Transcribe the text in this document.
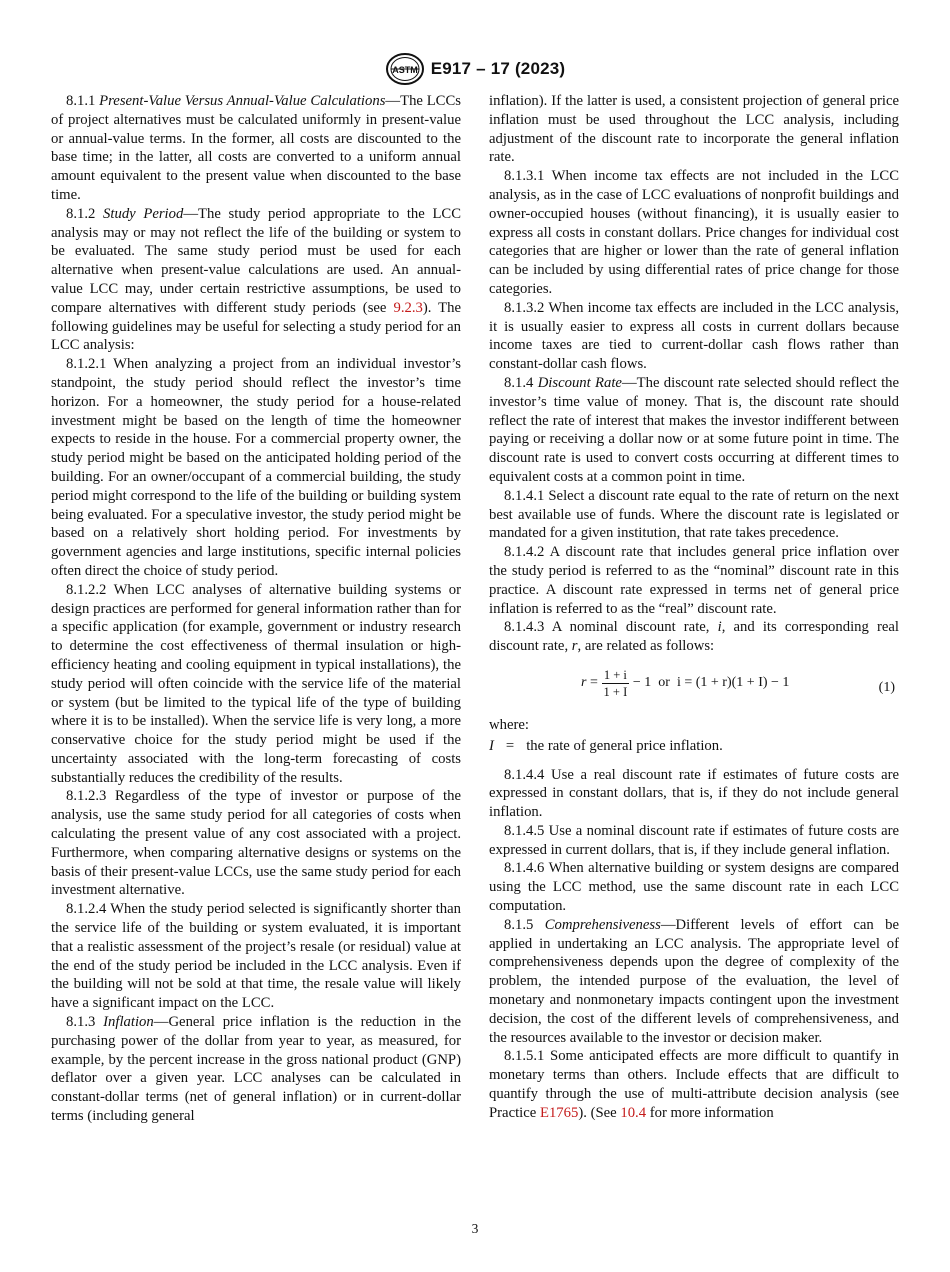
ASTM E917 – 17 (2023)

8.1.1 Present-Value Versus Annual-Value Calculations—The LCCs of project alternatives must be calculated uniformly in present-value or annual-value terms. In the former, all costs are discounted to the base time; in the latter, all costs are converted to a uniform annual amount equivalent to the present value when discounted to the base time.

8.1.2 Study Period—The study period appropriate to the LCC analysis may or may not reflect the life of the building or system to be evaluated. The same study period must be used for each alternative when present-value calculations are used. An annual-value LCC may, under certain restrictive assumptions, be used to compare alternatives with different study periods (see 9.2.3). The following guidelines may be useful for selecting a study period for an LCC analysis:

8.1.2.1 When analyzing a project from an individual investor’s standpoint, the study period should reflect the investor’s time horizon. For a homeowner, the study period for a house-related investment might be based on the length of time the homeowner expects to reside in the house. For a commercial property owner, the study period might be based on the anticipated holding period of the building. For an owner/occupant of a commercial building, the study period might correspond to the life of the building or building system being evaluated. For a speculative investor, the study period might be based on a relatively short holding period. For investments by government agencies and large institutions, specific internal policies often direct the choice of study period.

8.1.2.2 When LCC analyses of alternative building systems or design practices are performed for general information rather than for a specific application (for example, government or industry research to determine the cost effectiveness of thermal insulation or high-efficiency heating and cooling equipment in typical installations), the study period will often coincide with the service life of the material or system (but be limited to the typical life of the type of building where it is to be installed). When the service life is very long, a more conservative choice for the study period might be used if the uncertainty associated with the long-term forecasting of costs substantially reduces the credibility of the results.

8.1.2.3 Regardless of the type of investor or purpose of the analysis, use the same study period for all categories of costs when calculating the present value of any cost associated with a project. Furthermore, when comparing alternative designs or systems on the basis of their present-value LCCs, use the same study period for each investment alternative.

8.1.2.4 When the study period selected is significantly shorter than the service life of the building or system evaluated, it is important that a realistic assessment of the project’s resale (or residual) value at the end of the study period be included in the LCC analysis. Even if the building will not be sold at that time, the resale value will likely have a significant impact on the LCC.

8.1.3 Inflation—General price inflation is the reduction in the purchasing power of the dollar from year to year, as measured, for example, by the percent increase in the gross national product (GNP) deflator over a given year. LCC analyses can be calculated in constant-dollar terms (net of general inflation) or in current-dollar terms (including general

inflation). If the latter is used, a consistent projection of general price inflation must be used throughout the LCC analysis, including adjustment of the discount rate to incorporate the general inflation rate.

8.1.3.1 When income tax effects are not included in the LCC analysis, as in the case of LCC evaluations of nonprofit buildings and owner-occupied houses (without financing), it is usually easier to express all costs in constant dollars. Price changes for individual cost categories that are higher or lower than the rate of general inflation can be included by using differential rates of price change for those categories.

8.1.3.2 When income tax effects are included in the LCC analysis, it is usually easier to express all costs in current dollars because income taxes are tied to current-dollar cash flows rather than constant-dollar cash flows.

8.1.4 Discount Rate—The discount rate selected should reflect the investor’s time value of money. That is, the discount rate should reflect the rate of interest that makes the investor indifferent between paying or receiving a dollar now or at some future point in time. The discount rate is used to convert costs occurring at different times to equivalent costs at a common point in time.

8.1.4.1 Select a discount rate equal to the rate of return on the next best available use of funds. Where the discount rate is legislated or mandated for a given institution, that rate takes precedence.

8.1.4.2 A discount rate that includes general price inflation over the study period is referred to as the “nominal” discount rate in this practice. A discount rate expressed in terms net of general price inflation is referred to as the “real” discount rate.

8.1.4.3 A nominal discount rate, i, and its corresponding real discount rate, r, are related as follows:

r
= $\frac{1 + i}{1 + I} - 1$
or
i = (1 + r)(1 + I) − 1	(1)

where:

I = the rate of general price inflation.

8.1.4.4 Use a real discount rate if estimates of future costs are expressed in constant dollars, that is, if they do not include general inflation.

8.1.4.5 Use a nominal discount rate if estimates of future costs are expressed in current dollars, that is, if they include general inflation.

8.1.4.6 When alternative building or system designs are compared using the LCC method, use the same discount rate in each LCC computation.

8.1.5 Comprehensiveness—Different levels of effort can be applied in undertaking an LCC analysis. The appropriate level of comprehensiveness depends upon the degree of complexity of the problem, the intended purpose of the evaluation, the level of monetary and nonmonetary impacts contingent upon the investment decision, the cost of the different levels of comprehensiveness, and the resources available to the investor or decision maker.

8.1.5.1 Some anticipated effects are more difficult to quantify in monetary terms than others. Include effects that are difficult to quantify through the use of multi-attribute decision analysis (see Practice E1765). (See 10.4 for more information

3
